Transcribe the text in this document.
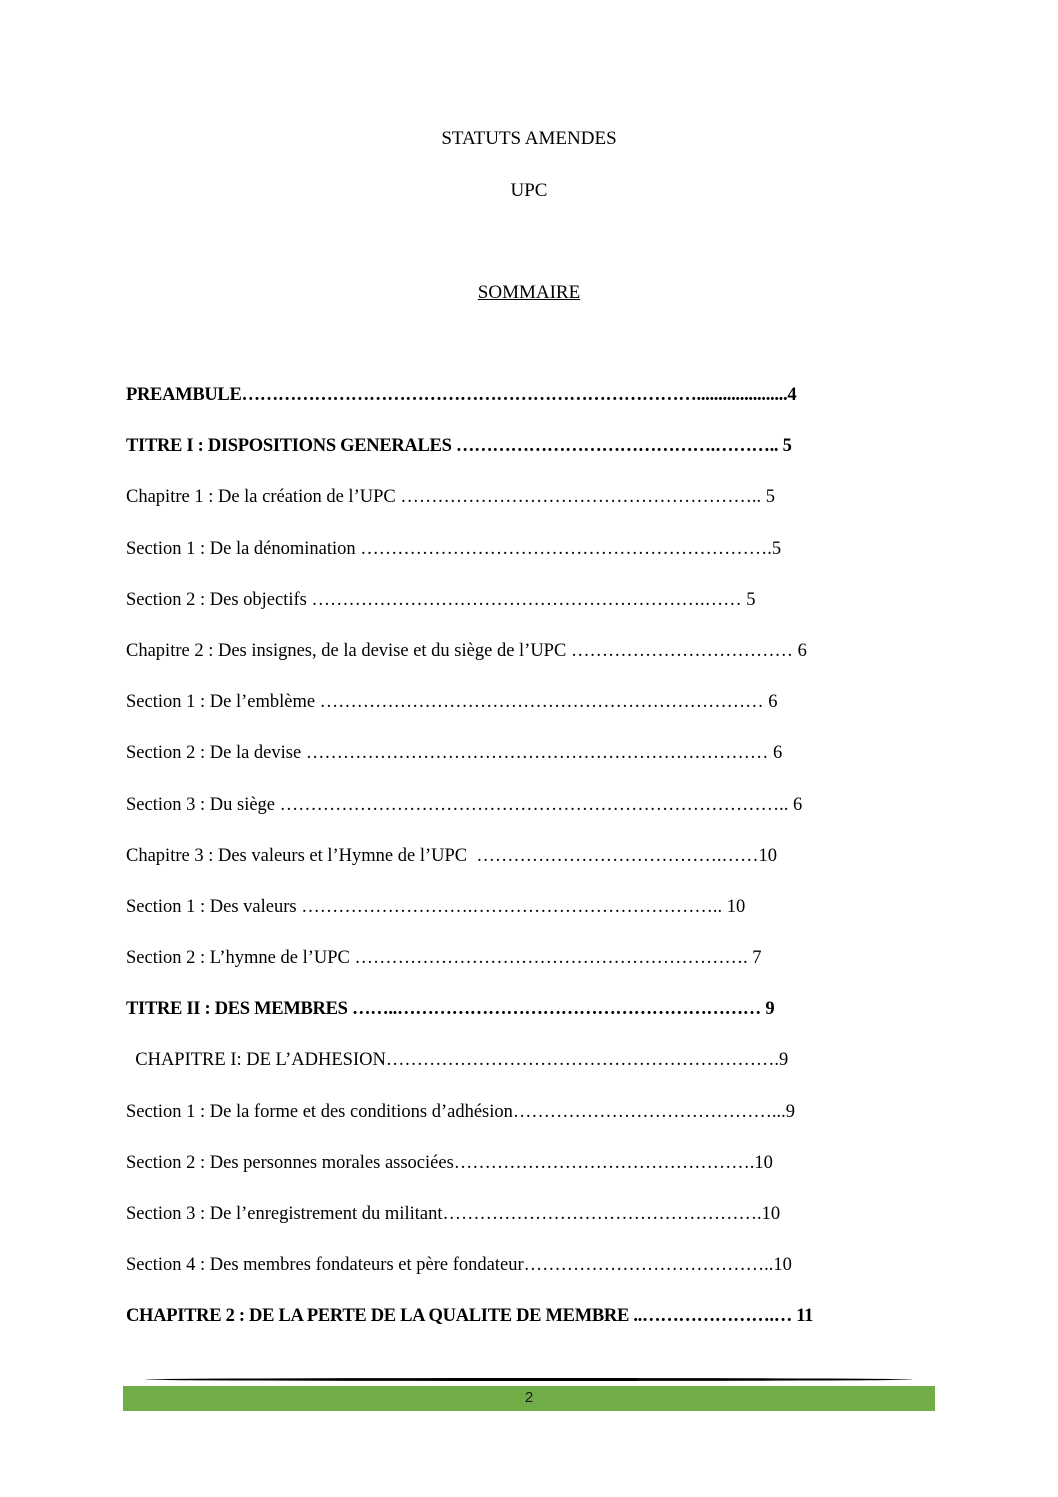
STATUTS AMENDES
UPC
SOMMAIRE
PREAMBULE………………………………………………………………….....................4
TITRE I : DISPOSITIONS GENERALES …………………………………….……….. 5
Chapitre 1 : De la création de l’UPC ………………………………………………….. 5
Section 1 : De la dénomination ………………………………………………………….5
Section 2 : Des objectifs ……………………………………………………….…… 5
Chapitre 2 : Des insignes, de la devise et du siège de l’UPC ……………………………… 6
Section 1 : De l’emblème ……………………………………………………………… 6
Section 2 : De la devise ………………………………………………………………… 6
Section 3 : Du siège ……………………………………………………………………….. 6
Chapitre 3 : Des valeurs et l’Hymne de l’UPC  ………………………………….……10
Section 1 : Des valeurs ……………………….………………………………….. 10
Section 2 : L’hymne de l’UPC ………………………………………………………. 7
TITRE II : DES MEMBRES ……..…………………………………………………… 9
CHAPITRE I: DE L’ADHESION……………………………………………………….9
Section 1 : De la forme et des conditions d’adhésion……………………………………...9
Section 2 : Des personnes morales associées………………………………………….10
Section 3 : De l’enregistrement du militant…………………………………………….10
Section 4 : Des membres fondateurs et père fondateur…………………………………..10
CHAPITRE 2 : DE LA PERTE DE LA QUALITE DE MEMBRE ..………………….… 11
2
